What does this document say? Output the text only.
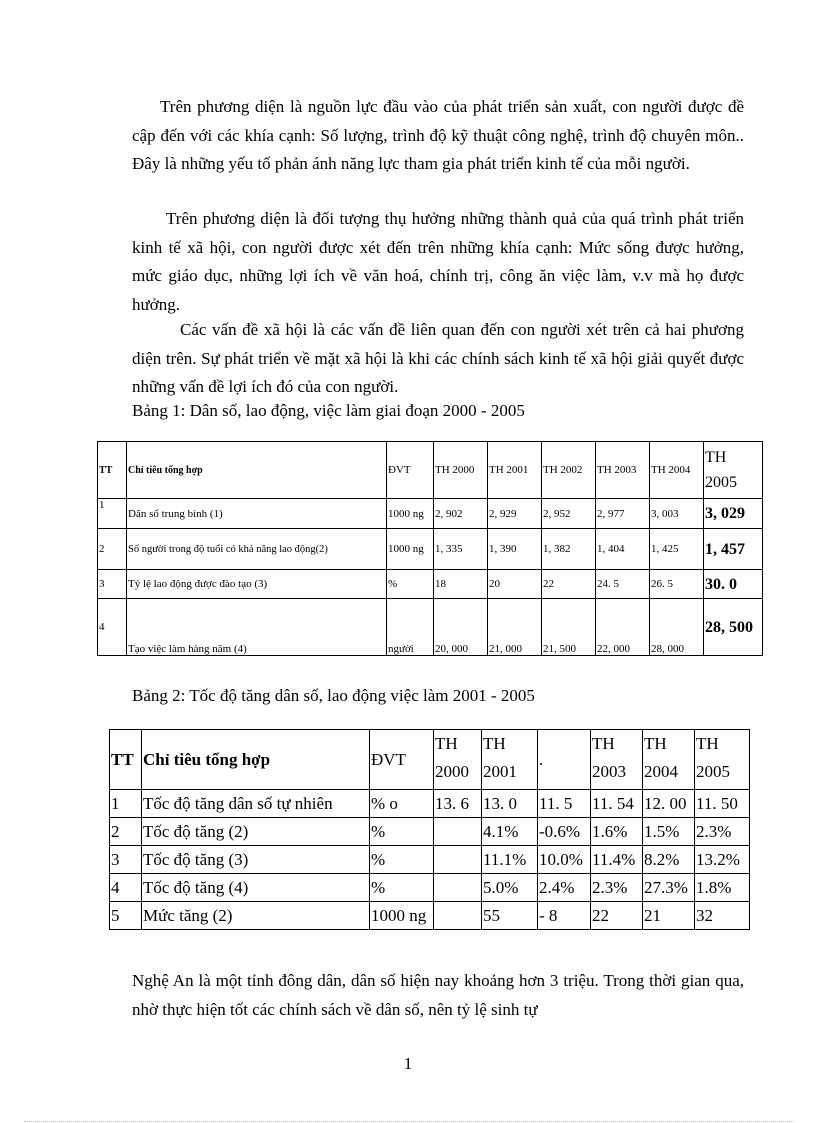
Trên phương diện là nguồn lực đầu vào của phát triển sản xuất, con người được đề cập đến với các khía cạnh: Số lượng, trình độ kỹ thuật công nghệ, trình độ chuyên môn.. Đây là những yếu tố phản ánh năng lực tham gia phát triển kinh tế của mỗi người.

Trên phương diện là đối tượng thụ hưởng những thành quả của quá trình phát triển kinh tế xã hội, con người được xét đến trên những khía cạnh: Mức sống được hưởng, mức giáo dục, những lợi ích về văn hoá, chính trị, công ăn việc làm, v.v mà họ được hưởng.

Các vấn đề xã hội là các vấn đề liên quan đến con người xét trên cả hai phương diện trên. Sự phát triển về mặt xã hội là khi các chính sách kinh tế xã hội giải quyết được những vấn đề lợi ích đó của con người.

Bảng 1: Dân số, lao động, việc làm giai đoạn 2000 - 2005

TT	Chỉ tiêu tổng hợp	ĐVT	TH 2000	TH 2001	TH 2002	TH 2003	TH 2004	TH 2005
1	Dân số trung bình (1)	1000 ng	2, 902	2, 929	2, 952	2, 977	3, 003	3, 029
2	Số người trong độ tuổi có khả năng lao động(2)	1000 ng	1, 335	1, 390	1, 382	1, 404	1, 425	1, 457
3	Tỷ lệ lao động được đào tạo (3)	%	18	20	22	24. 5	26. 5	30. 0
4	Tạo việc làm hàng năm (4)	người	20, 000	21, 000	21, 500	22, 000	28, 000	28, 500

Bảng 2: Tốc độ tăng dân số, lao động việc làm 2001 - 2005

TT	Chỉ tiêu tổng hợp	ĐVT	TH 2000	TH 2001	.	TH 2003	TH 2004	TH 2005
1	Tốc độ tăng dân số tự nhiên	% o	13. 6	13. 0	11. 5	11. 54	12. 00	11. 50
2	Tốc độ tăng (2)	%		4.1%	-0.6%	1.6%	1.5%	2.3%
3	Tốc độ tăng (3)	%		11.1%	10.0%	11.4%	8.2%	13.2%
4	Tốc độ tăng (4)	%		5.0%	2.4%	2.3%	27.3%	1.8%
5	Mức tăng (2)	1000 ng		55	- 8	22	21	32

Nghệ An là một tỉnh đông dân, dân số hiện nay khoảng hơn 3 triệu. Trong thời gian qua, nhờ thực hiện tốt các chính sách về dân số, nên tỷ lệ sinh tự

1
